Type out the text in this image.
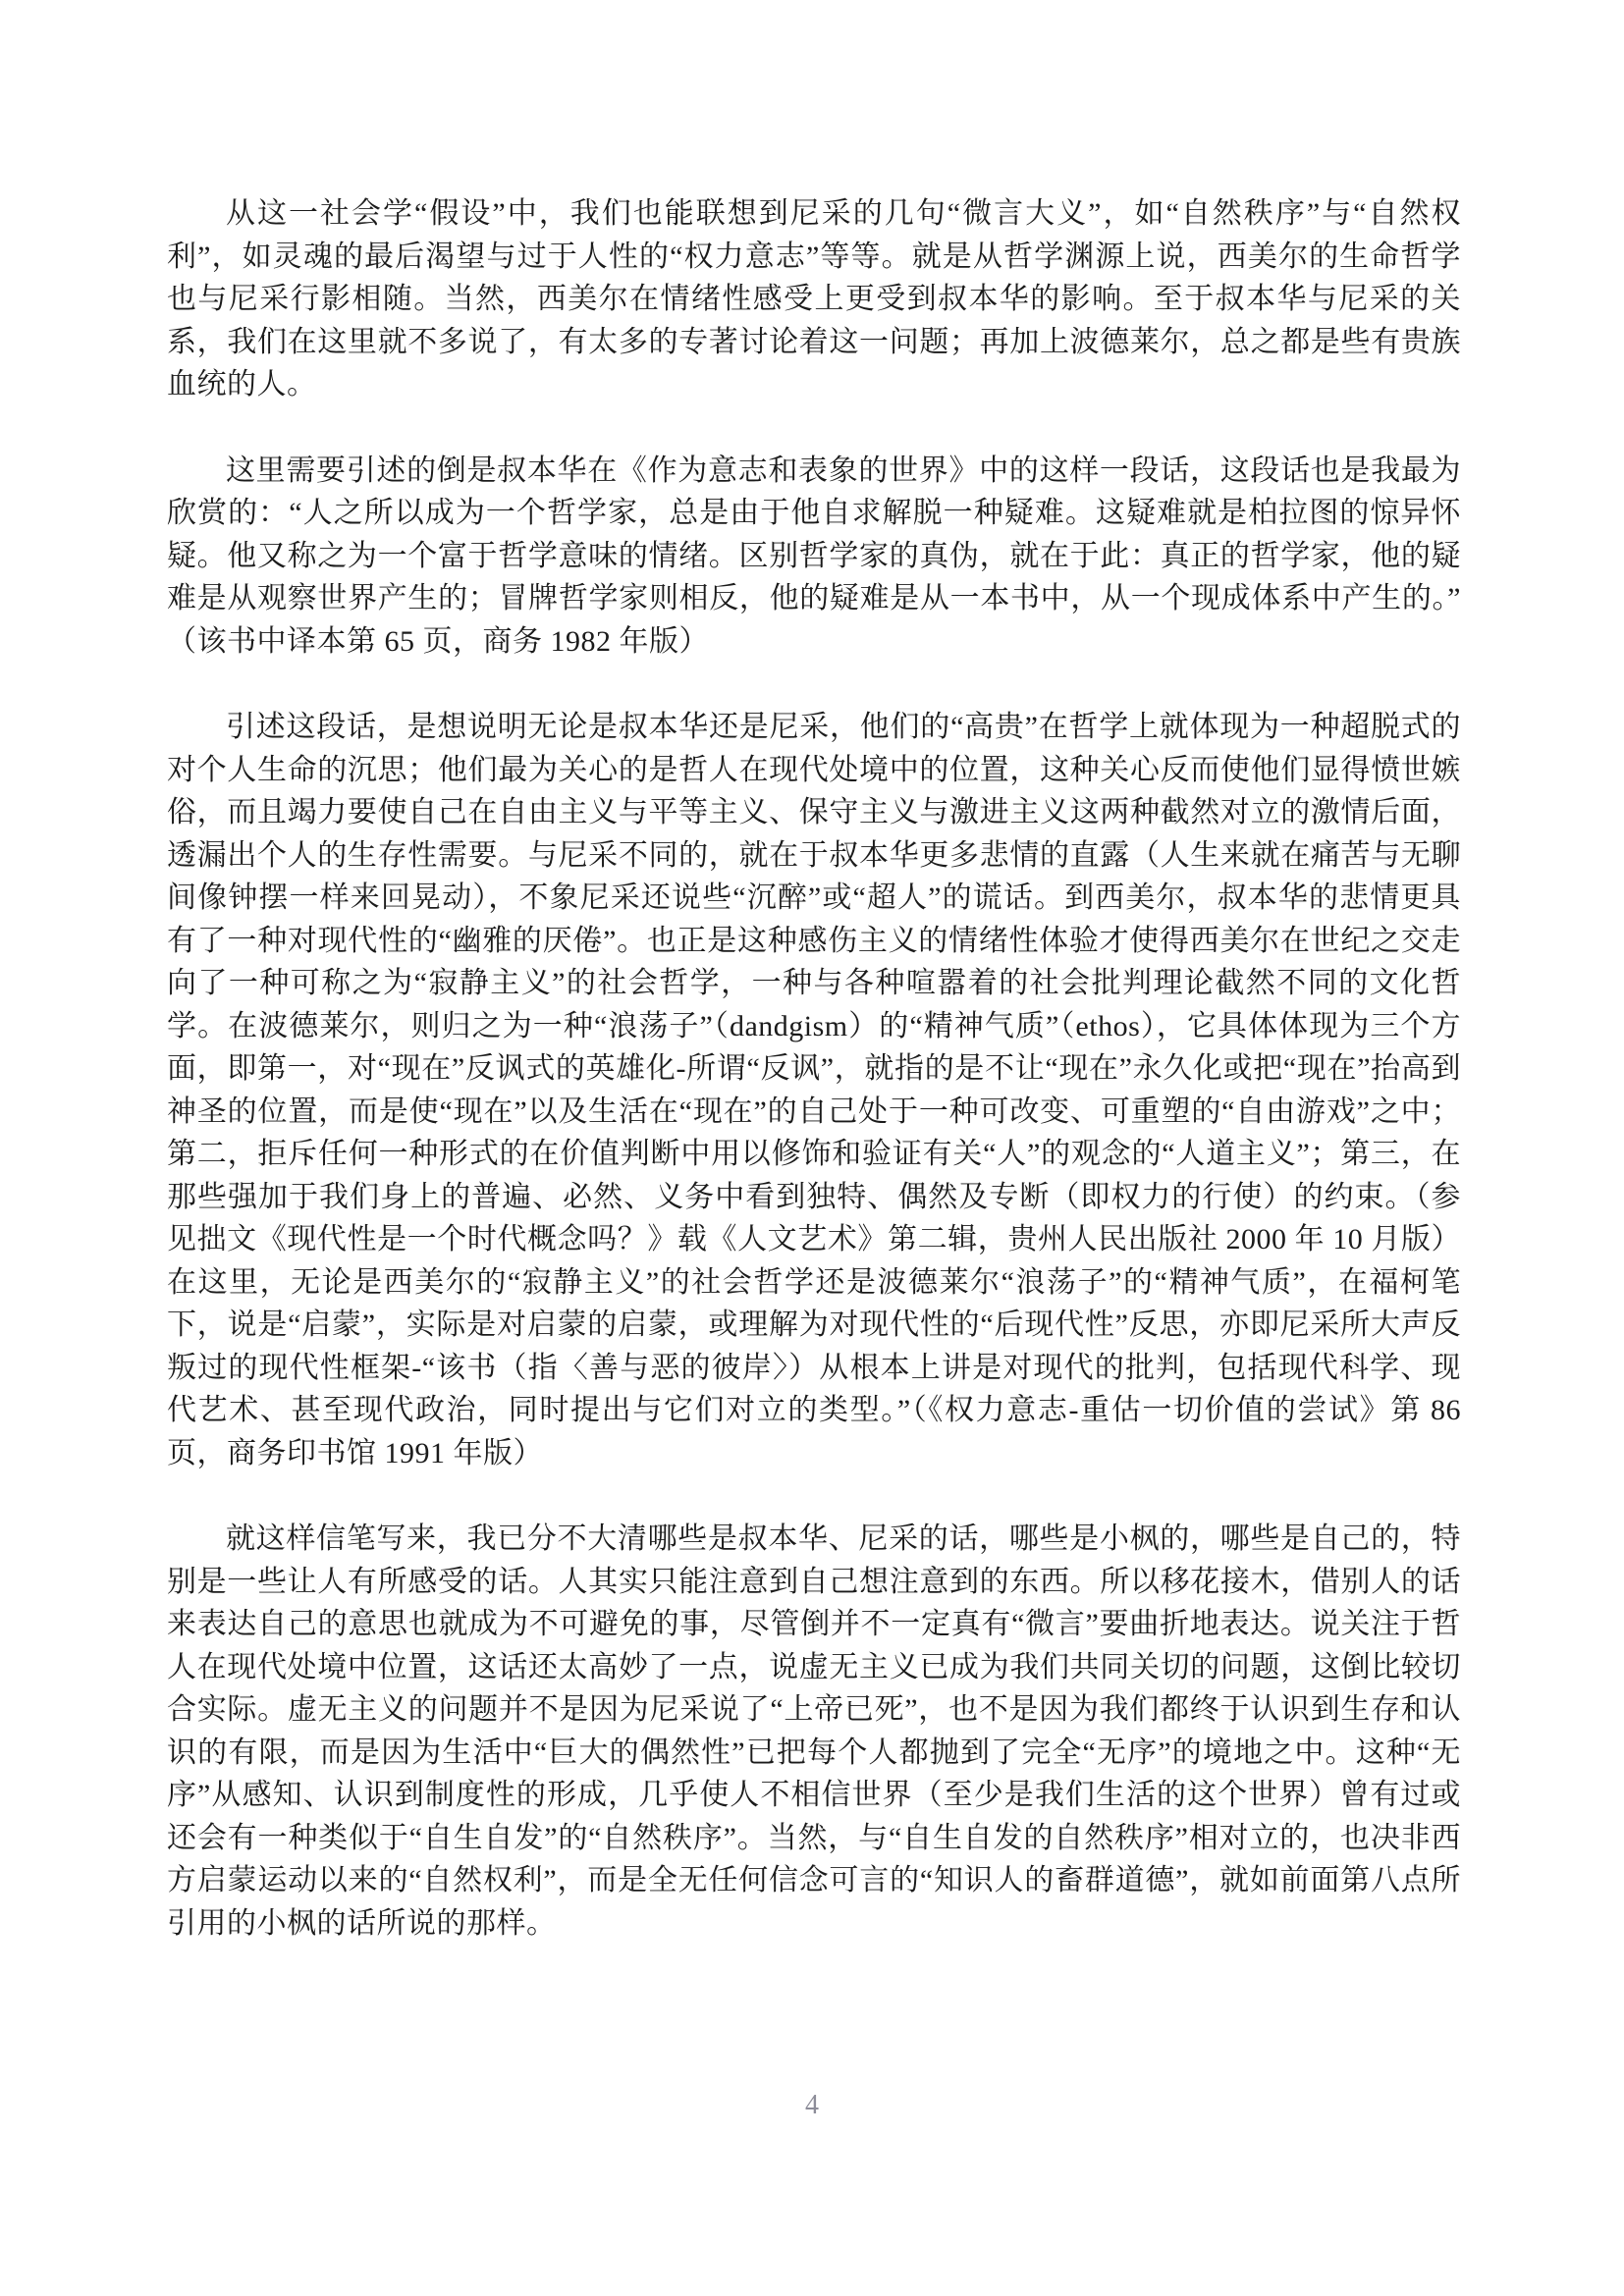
从这一社会学“假设”中，我们也能联想到尼采的几句“微言大义”，如“自然秩序”与“自然权利”，如灵魂的最后渴望与过于人性的“权力意志”等等。就是从哲学渊源上说，西美尔的生命哲学也与尼采行影相随。当然，西美尔在情绪性感受上更受到叔本华的影响。至于叔本华与尼采的关系，我们在这里就不多说了，有太多的专著讨论着这一问题；再加上波德莱尔，总之都是些有贵族血统的人。

这里需要引述的倒是叔本华在《作为意志和表象的世界》中的这样一段话，这段话也是我最为欣赏的：“人之所以成为一个哲学家，总是由于他自求解脱一种疑难。这疑难就是柏拉图的惊异怀疑。他又称之为一个富于哲学意味的情绪。区别哲学家的真伪，就在于此：真正的哲学家，他的疑难是从观察世界产生的；冒牌哲学家则相反，他的疑难是从一本书中，从一个现成体系中产生的。”（该书中译本第 65 页，商务 1982 年版）

引述这段话，是想说明无论是叔本华还是尼采，他们的“高贵”在哲学上就体现为一种超脱式的对个人生命的沉思；他们最为关心的是哲人在现代处境中的位置，这种关心反而使他们显得愤世嫉俗，而且竭力要使自己在自由主义与平等主义、保守主义与激进主义这两种截然对立的激情后面，透漏出个人的生存性需要。与尼采不同的，就在于叔本华更多悲情的直露（人生来就在痛苦与无聊间像钟摆一样来回晃动），不象尼采还说些“沉醉”或“超人”的谎话。到西美尔，叔本华的悲情更具有了一种对现代性的“幽雅的厌倦”。也正是这种感伤主义的情绪性体验才使得西美尔在世纪之交走向了一种可称之为“寂静主义”的社会哲学，一种与各种喧嚣着的社会批判理论截然不同的文化哲学。在波德莱尔，则归之为一种“浪荡子”（dandgism）的“精神气质”（ethos），它具体体现为三个方面，即第一，对“现在”反讽式的英雄化-所谓“反讽”，就指的是不让“现在”永久化或把“现在”抬高到神圣的位置，而是使“现在”以及生活在“现在”的自己处于一种可改变、可重塑的“自由游戏”之中；第二，拒斥任何一种形式的在价值判断中用以修饰和验证有关“人”的观念的“人道主义”；第三，在那些强加于我们身上的普遍、必然、义务中看到独特、偶然及专断（即权力的行使）的约束。（参见拙文《现代性是一个时代概念吗？》载《人文艺术》第二辑，贵州人民出版社 2000 年 10 月版）在这里，无论是西美尔的“寂静主义”的社会哲学还是波德莱尔“浪荡子”的“精神气质”，在福柯笔下，说是“启蒙”，实际是对启蒙的启蒙，或理解为对现代性的“后现代性”反思，亦即尼采所大声反叛过的现代性框架-“该书（指〈善与恶的彼岸〉）从根本上讲是对现代的批判，包括现代科学、现代艺术、甚至现代政治，同时提出与它们对立的类型。”（《权力意志-重估一切价值的尝试》第 86 页，商务印书馆 1991 年版）

就这样信笔写来，我已分不大清哪些是叔本华、尼采的话，哪些是小枫的，哪些是自己的，特别是一些让人有所感受的话。人其实只能注意到自己想注意到的东西。所以移花接木，借别人的话来表达自己的意思也就成为不可避免的事，尽管倒并不一定真有“微言”要曲折地表达。说关注于哲人在现代处境中位置，这话还太高妙了一点，说虚无主义已成为我们共同关切的问题，这倒比较切合实际。虚无主义的问题并不是因为尼采说了“上帝已死”，也不是因为我们都终于认识到生存和认识的有限，而是因为生活中“巨大的偶然性”已把每个人都抛到了完全“无序”的境地之中。这种“无序”从感知、认识到制度性的形成，几乎使人不相信世界（至少是我们生活的这个世界）曾有过或还会有一种类似于“自生自发”的“自然秩序”。当然，与“自生自发的自然秩序”相对立的，也决非西方启蒙运动以来的“自然权利”，而是全无任何信念可言的“知识人的畜群道德”，就如前面第八点所引用的小枫的话所说的那样。

4
